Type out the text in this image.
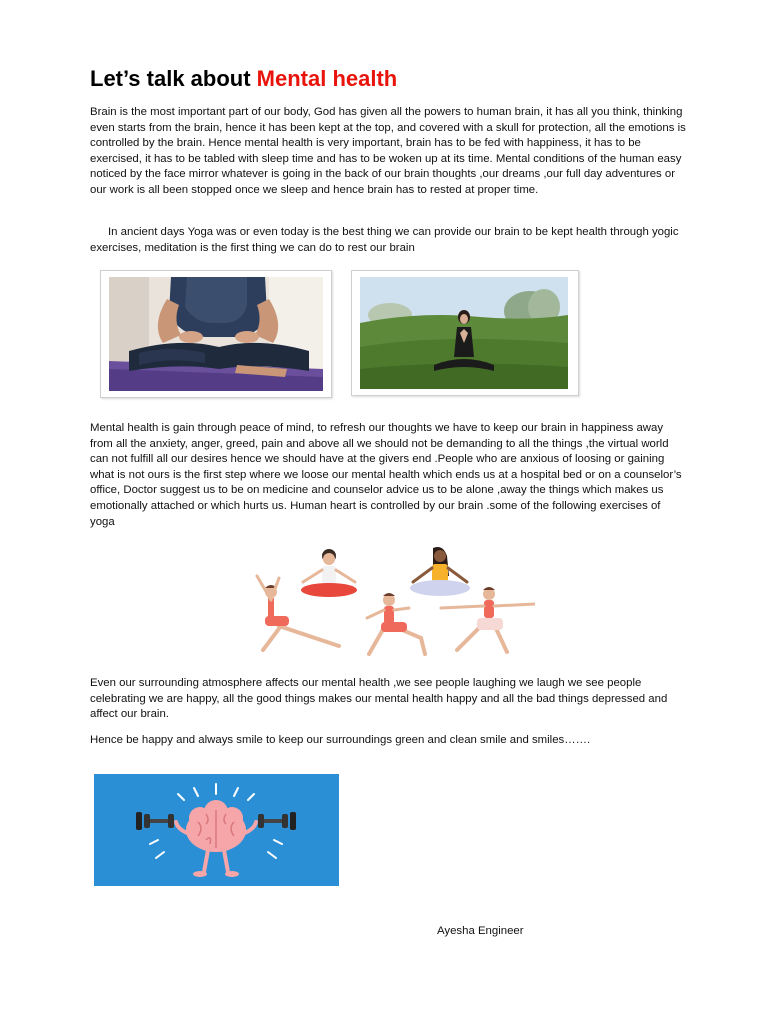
Let’s talk about Mental health

Brain is the most important part of our body, God has given all the powers to human brain, it has all you think, thinking even starts from the brain, hence it has been kept at the top, and covered with a skull for protection, all the emotions is controlled by the brain. Hence mental health is very important, brain has to be fed with happiness, it has to be exercised, it has to be tabled with sleep time and has to be woken up at its time. Mental conditions of the human easy noticed by the face mirror whatever is going in the back of our brain thoughts ,our dreams ,our full day adventures or our work is all been stopped once we sleep and hence brain has to rested at proper time.

In ancient days Yoga was or even today is the best thing we can provide our brain to be kept health through yogic exercises, meditation is the first thing we can do to rest our brain

Mental health is gain through peace of mind, to refresh our thoughts we have to keep our brain in happiness away from all the anxiety, anger, greed, pain and above all we should not be demanding to all the things ,the virtual world can not fulfill all our desires hence we should have at the givers end .People who are anxious of loosing or gaining what is not ours is the first step where we loose our mental health which ends us at a hospital bed or on a counselor’s office, Doctor suggest us to be on medicine and counselor advice us to be alone ,away the things which makes us emotionally attached or which hurts us. Human heart is controlled by our brain .some of the following exercises of yoga

Even our surrounding atmosphere affects our mental health ,we see people laughing we laugh we see people celebrating we are happy, all the good things makes our mental health happy and all the bad things depressed and affect our brain.

Hence be happy and always smile to keep our surroundings green and clean smile and smiles…….

Ayesha Engineer
